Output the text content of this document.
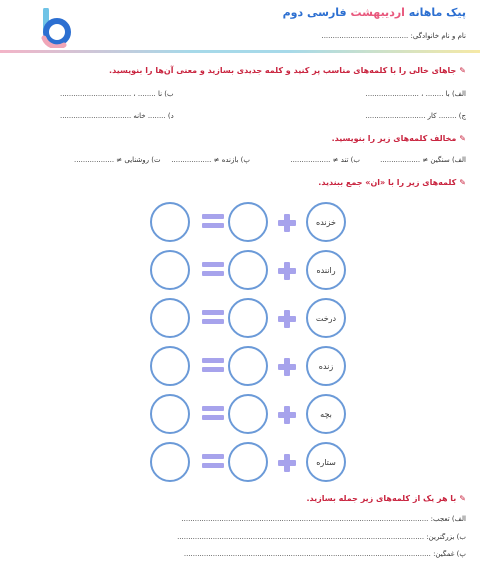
پیک ماهانه اردیبهشت فارسی دوم
نام و نام خانوادگی: .......................................
✎جاهای خالی را با کلمه‌های مناسب پر کنید و کلمه جدیدی بسازید و معنی آن‌ها را بنویسید.
الف) با ........ ، ........................
ب) نا ........ ، ................................
ج) ........ کار ...........................
د) ........ خانه ................................
✎مخالف کلمه‌های زیر را بنویسید.
الف) سنگین ≠ ..................
ب) تند ≠ ..................
پ) بازنده ≠ ..................
ت) روشنایی ≠ ..................
✎کلمه‌های زیر را با «ان» جمع ببندید.
خزنده
راننده
درخت
زنده
بچه
ستاره
✎با هر یک از کلمه‌های زیر جمله بسازید.
الف) تعجب: ...............................................................................................................
ب) بزرگترین: ...............................................................................................................
پ) غمگین: ...............................................................................................................
